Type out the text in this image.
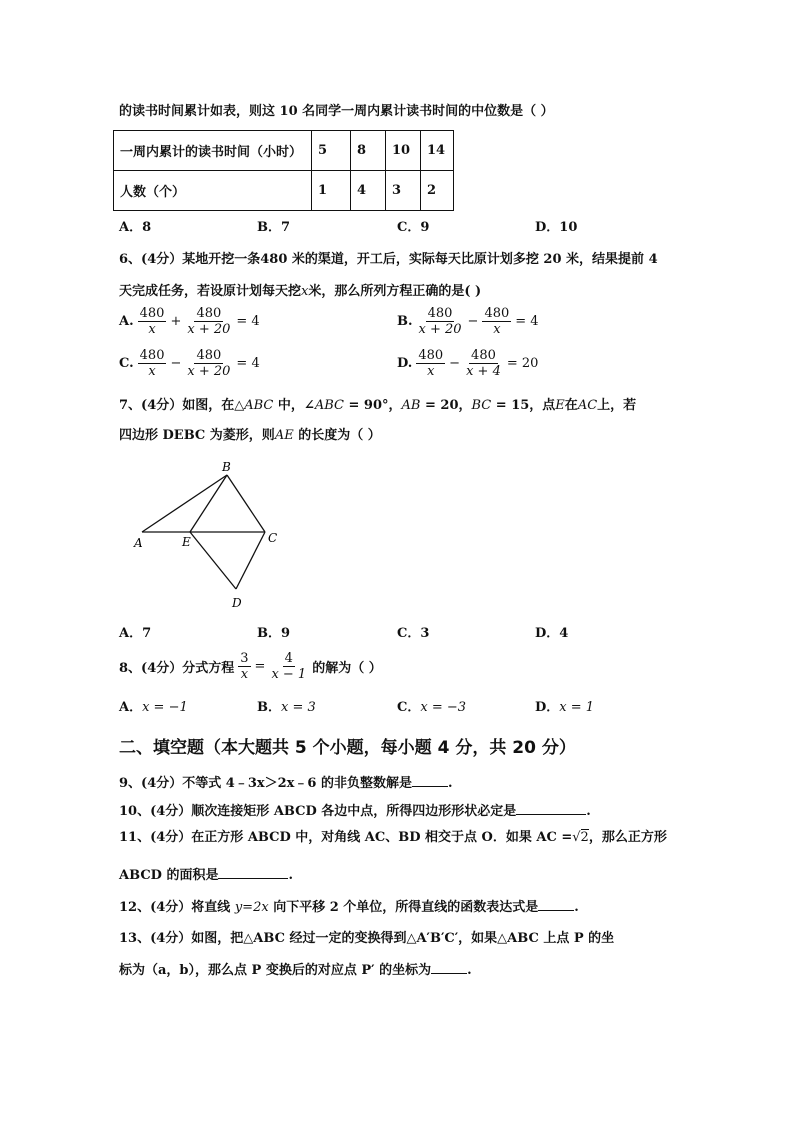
的读书时间累计如表，则这 10 名同学一周内累计读书时间的中位数是（ ）
一周内累计的读书时间（小时）	5	8	10	14
人数（个）	1	4	3	2
A．8	B．7	C．9	D．10
6、(4分）某地开挖一条480 米的渠道，开工后，实际每天比原计划多挖 20 米，结果提前 4
天完成任务，若设原计划每天挖x米，那么所列方程正确的是( )
A. $\frac{480}{x} + \frac{480}{x + 20} = 4$	B. $\frac{480}{x + 20} - \frac{480}{x} = 4$
C. $\frac{480}{x} - \frac{480}{x + 20} = 4$	D. $\frac{480}{x} - \frac{480}{x + 4} = 20$
7、(4分）如图，在△ABC 中，∠ABC = 90°，AB = 20，BC = 15，点E在AC上，若
四边形 DEBC 为菱形，则AE 的长度为（ ）
B
A	E	C
D
A．7	B．9	C．3	D．4
8、(4分）分式方程 $\frac{3}{x} = \frac{4}{x - 1}$ 的解为（ ）
A．x = −1	B．x = 3	C．x = −3	D．x = 1
二、填空题（本大题共 5 个小题，每小题 4 分，共 20 分）
9、(4分）不等式 4﹣3x＞2x﹣6 的非负整数解是	.
10、(4分）顺次连接矩形 ABCD 各边中点，所得四边形形状必定是	.
11、(4分）在正方形 ABCD 中，对角线 AC、BD 相交于点 O．如果 AC =√2，那么正方形
ABCD 的面积是	.
12、(4分）将直线 y=2x 向下平移 2 个单位，所得直线的函数表达式是	.
13、(4分）如图，把△ABC 经过一定的变换得到△A′B′C′，如果△ABC 上点 P 的坐
标为（a，b），那么点 P 变换后的对应点 P′ 的坐标为	.
